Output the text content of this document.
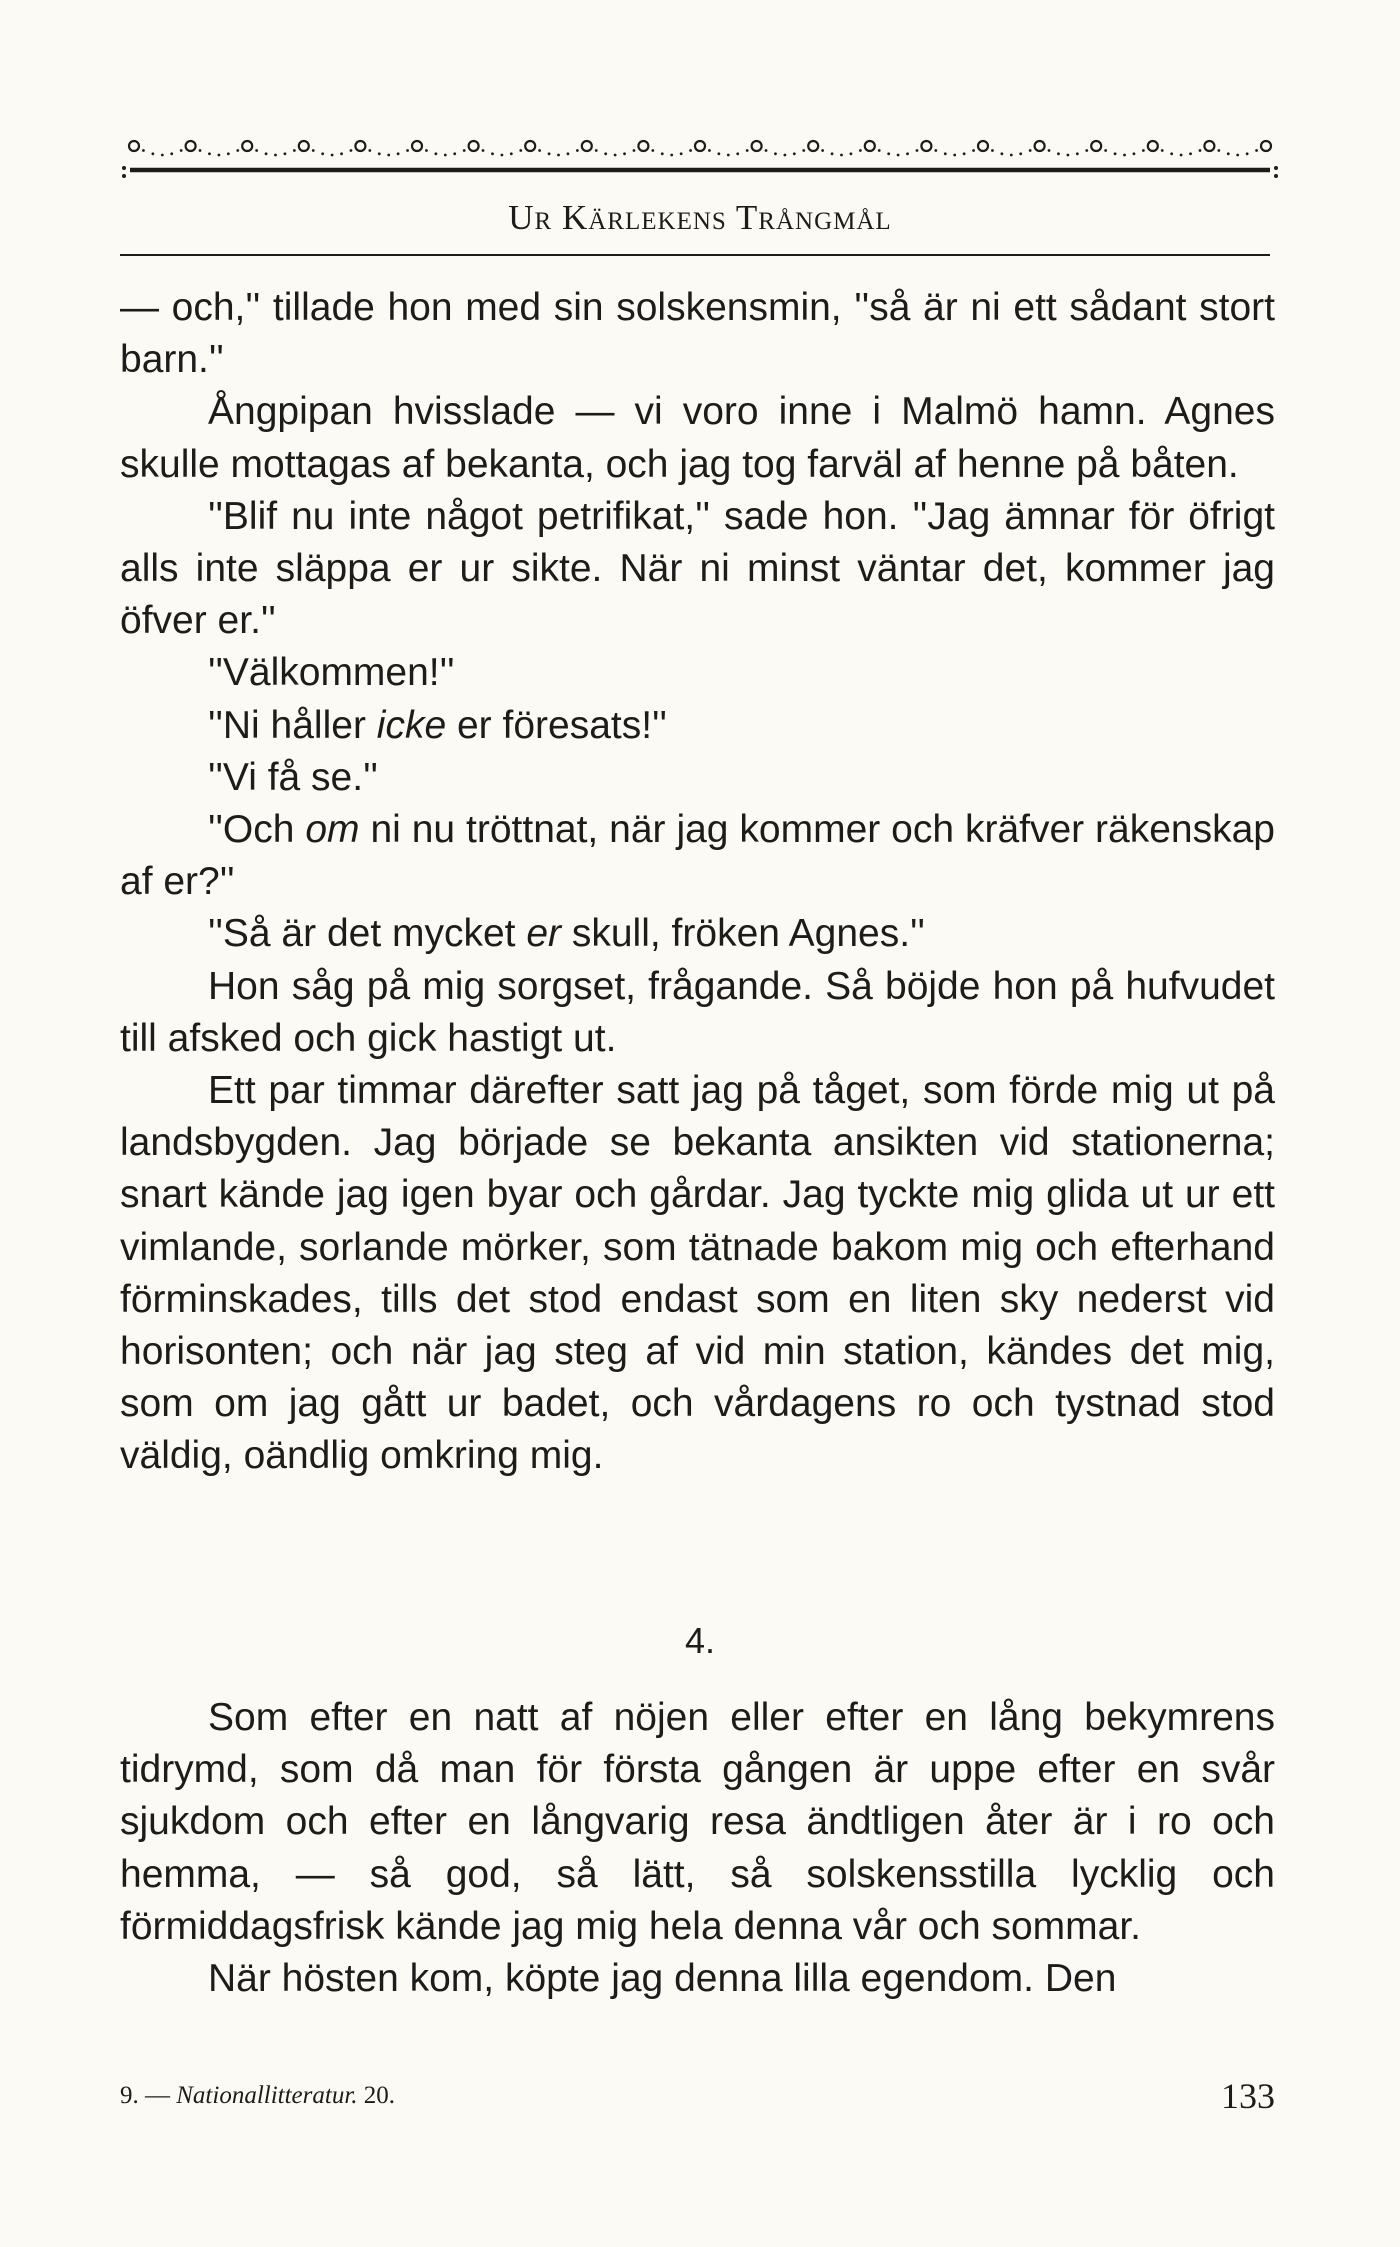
Ur Kärlekens Trångmål

— och,'' tillade hon med sin solskensmin, ''så är ni ett sådant stort barn.''

Ångpipan hvisslade — vi voro inne i Malmö hamn. Agnes skulle mottagas af bekanta, och jag tog farväl af henne på båten.

''Blif nu inte något petrifikat,'' sade hon. ''Jag ämnar för öfrigt alls inte släppa er ur sikte. När ni minst väntar det, kommer jag öfver er.''

''Välkommen!''

''Ni håller icke er föresats!''

''Vi få se.''

''Och om ni nu tröttnat, när jag kommer och kräfver räkenskap af er?''

''Så är det mycket er skull, fröken Agnes.''

Hon såg på mig sorgset, frågande. Så böjde hon på hufvudet till afsked och gick hastigt ut.

Ett par timmar därefter satt jag på tåget, som förde mig ut på landsbygden. Jag började se bekanta ansikten vid stationerna; snart kände jag igen byar och gårdar. Jag tyckte mig glida ut ur ett vimlande, sorlande mörker, som tätnade bakom mig och efterhand förminskades, tills det stod endast som en liten sky nederst vid horisonten; och när jag steg af vid min station, kändes det mig, som om jag gått ur badet, och vårdagens ro och tystnad stod väldig, oändlig omkring mig.

4.

Som efter en natt af nöjen eller efter en lång bekymrens tidrymd, som då man för första gången är uppe efter en svår sjukdom och efter en långvarig resa ändtligen åter är i ro och hemma, — så god, så lätt, så solskensstilla lycklig och förmiddagsfrisk kände jag mig hela denna vår och sommar.

När hösten kom, köpte jag denna lilla egendom. Den

9. — Nationallitteratur. 20.	133
